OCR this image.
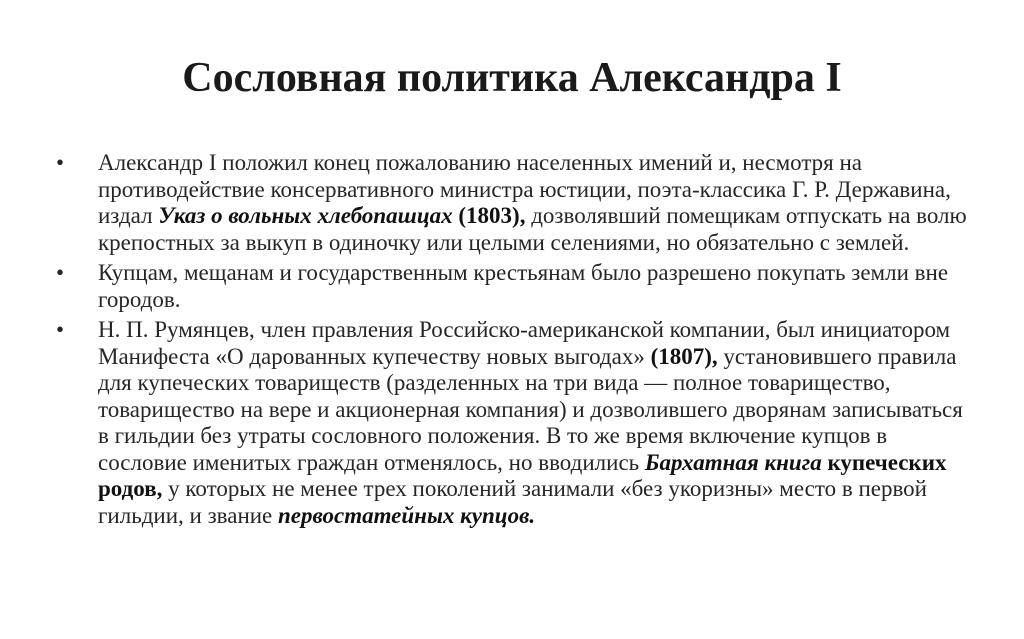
Сословная политика Александра I
•	Александр I положил конец пожалованию населенных имений и, несмотря на противодействие консервативного министра юстиции, поэта-классика Г. Р. Державина, издал Указ о вольных хлебопашцах (1803), дозволявший помещикам отпускать на волю крепостных за выкуп в одиночку или целыми селениями, но обязательно с землей.
•	Купцам, мещанам и государственным крестьянам было разрешено покупать земли вне городов.
•	Н. П. Румянцев, член правления Российско-американской компании, был инициатором Манифеста «О дарованных купечеству новых выгодах» (1807), установившего правила для купеческих товариществ (разделенных на три вида — полное товарищество, товарищество на вере и акционерная компания) и дозволившего дворянам записываться в гильдии без утраты сословного положения. В то же время включение купцов в сословие именитых граждан отменялось, но вводились Бархатная книга купеческих родов, у которых не менее трех поколений занимали «без укоризны» место в первой гильдии, и звание первостатейных купцов.
